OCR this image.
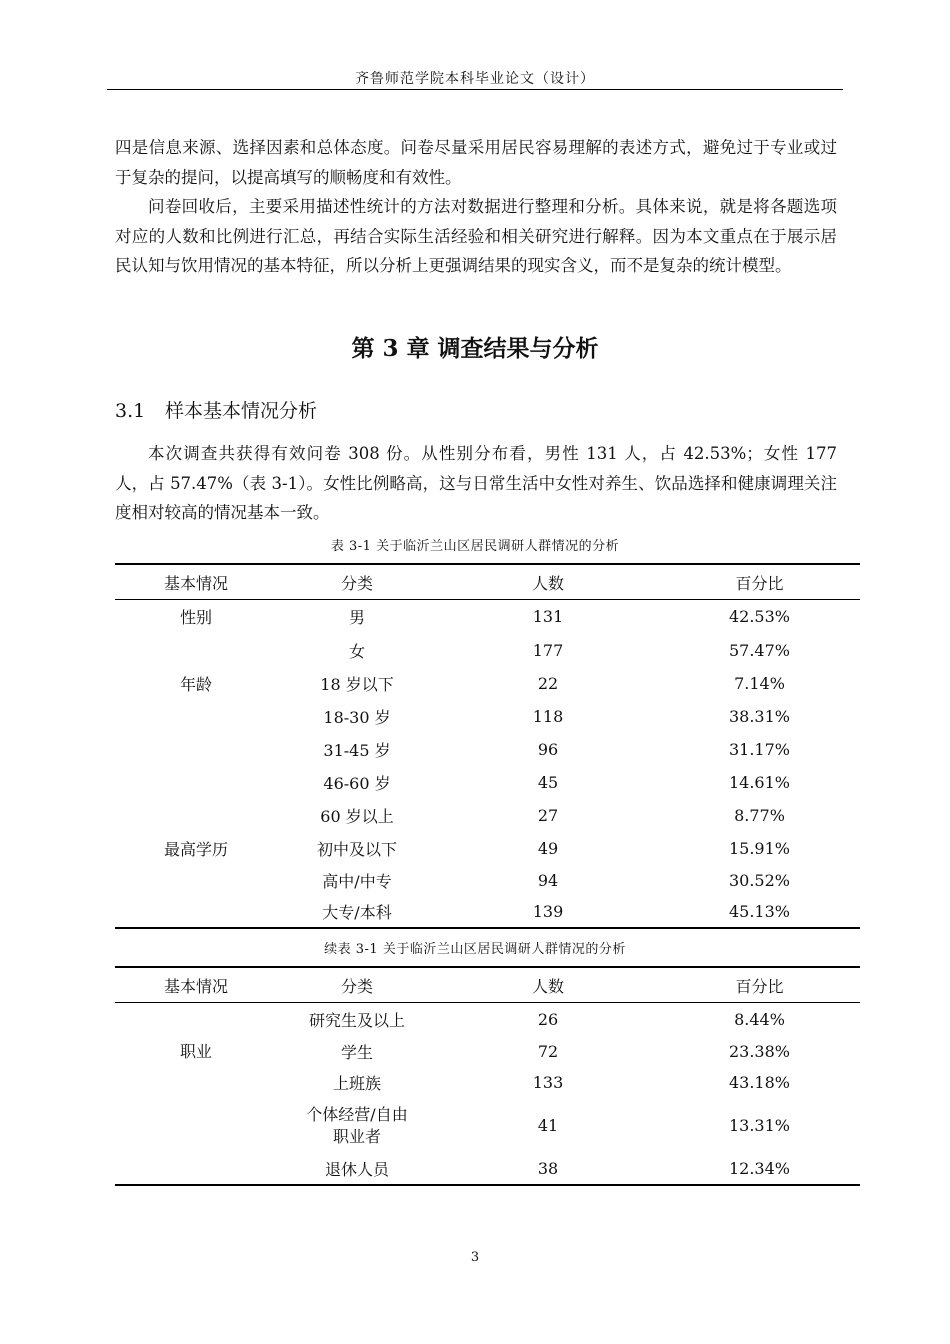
齐鲁师范学院本科毕业论文（设计）

四是信息来源、选择因素和总体态度。问卷尽量采用居民容易理解的表述方式，避免过于专业或过于复杂的提问，以提高填写的顺畅度和有效性。

问卷回收后，主要采用描述性统计的方法对数据进行整理和分析。具体来说，就是将各题选项对应的人数和比例进行汇总，再结合实际生活经验和相关研究进行解释。因为本文重点在于展示居民认知与饮用情况的基本特征，所以分析上更强调结果的现实含义，而不是复杂的统计模型。

第 3 章 调查结果与分析
3.1 样本基本情况分析

本次调查共获得有效问卷 308 份。从性别分布看，男性 131 人，占 42.53%；女性 177 人，占 57.47%（表 3-1）。女性比例略高，这与日常生活中女性对养生、饮品选择和健康调理关注度相对较高的情况基本一致。

表 3-1 关于临沂兰山区居民调研人群情况的分析
基本情况	分类	人数	百分比
性别	男	131	42.53%
	女	177	57.47%
年龄	18 岁以下	22	7.14%
	18-30 岁	118	38.31%
	31-45 岁	96	31.17%
	46-60 岁	45	14.61%
	60 岁以上	27	8.77%
最高学历	初中及以下	49	15.91%
	高中/中专	94	30.52%
	大专/本科	139	45.13%
续表 3-1 关于临沂兰山区居民调研人群情况的分析
基本情况	分类	人数	百分比
职业	研究生及以上	26	8.44%
	学生	72	23.38%
	上班族	133	43.18%
	个体经营/自由职业者	41	13.31%
	退休人员	38	12.34%
3
